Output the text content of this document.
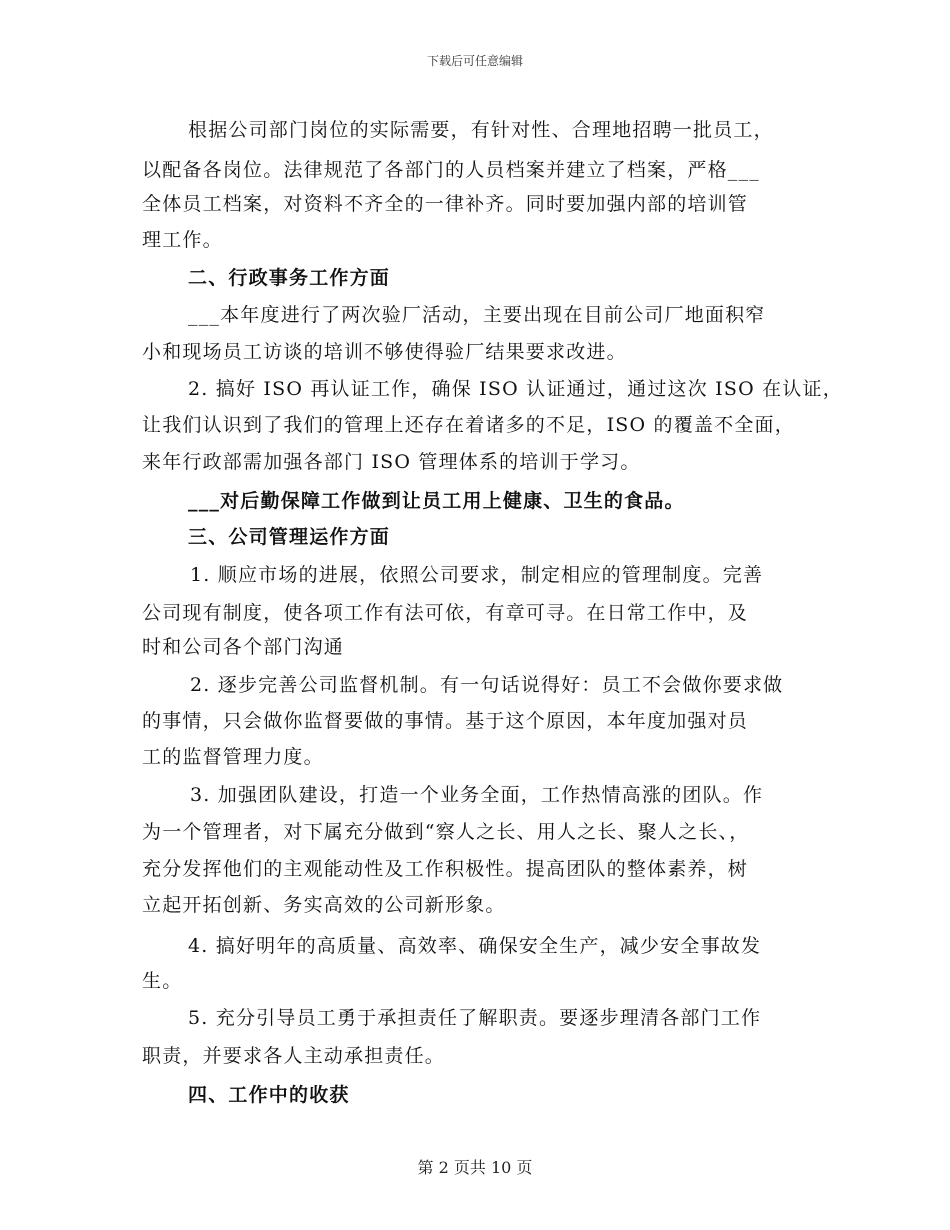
下载后可任意编辑
根据公司部门岗位的实际需要，有针对性、合理地招聘一批员工，
以配备各岗位。法律规范了各部门的人员档案并建立了档案，严格___
全体员工档案，对资料不齐全的一律补齐。同时要加强内部的培训管
理工作。
二、行政事务工作方面
___本年度进行了两次验厂活动，主要出现在目前公司厂地面积窄
小和现场员工访谈的培训不够使得验厂结果要求改进。
2. 搞好 ISO 再认证工作，确保 ISO 认证通过，通过这次 ISO 在认证，
让我们认识到了我们的管理上还存在着诸多的不足，ISO 的覆盖不全面，
来年行政部需加强各部门 ISO 管理体系的培训于学习。
___对后勤保障工作做到让员工用上健康、卫生的食品。
三、公司管理运作方面
1. 顺应市场的进展，依照公司要求，制定相应的管理制度。完善
公司现有制度，使各项工作有法可依，有章可寻。在日常工作中，及
时和公司各个部门沟通
2. 逐步完善公司监督机制。有一句话说得好：员工不会做你要求做
的事情，只会做你监督要做的事情。基于这个原因，本年度加强对员
工的监督管理力度。
3. 加强团队建设，打造一个业务全面，工作热情高涨的团队。作
为一个管理者，对下属充分做到“察人之长、用人之长、聚人之长、，
充分发挥他们的主观能动性及工作积极性。提高团队的整体素养，树
立起开拓创新、务实高效的公司新形象。
4. 搞好明年的高质量、高效率、确保安全生产，减少安全事故发
生。
5. 充分引导员工勇于承担责任了解职责。要逐步理清各部门工作
职责，并要求各人主动承担责任。
四、工作中的收获
第 2 页共 10 页
